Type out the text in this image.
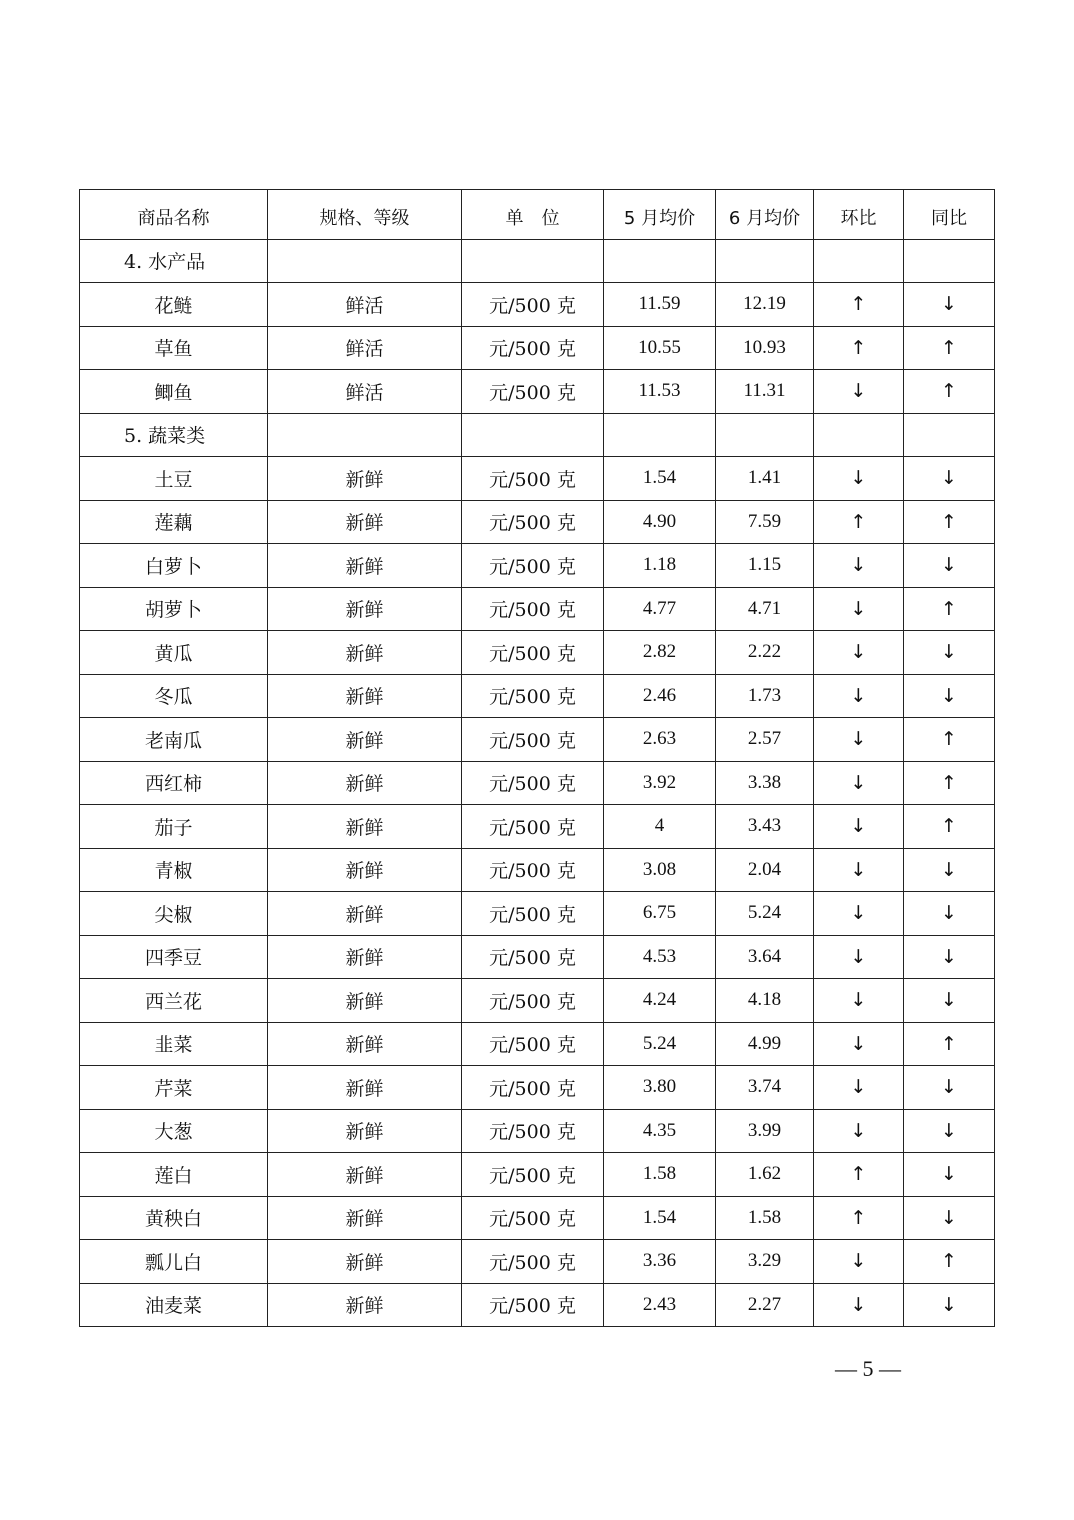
商品名称	规格、等级	单　位	5 月均价	6 月均价	环比	同比
4. 水产品						
花鲢	鲜活	元/500 克	11.59	12.19	↑	↓
草鱼	鲜活	元/500 克	10.55	10.93	↑	↑
鲫鱼	鲜活	元/500 克	11.53	11.31	↓	↑
5. 蔬菜类						
土豆	新鲜	元/500 克	1.54	1.41	↓	↓
莲藕	新鲜	元/500 克	4.90	7.59	↑	↑
白萝卜	新鲜	元/500 克	1.18	1.15	↓	↓
胡萝卜	新鲜	元/500 克	4.77	4.71	↓	↑
黄瓜	新鲜	元/500 克	2.82	2.22	↓	↓
冬瓜	新鲜	元/500 克	2.46	1.73	↓	↓
老南瓜	新鲜	元/500 克	2.63	2.57	↓	↑
西红柿	新鲜	元/500 克	3.92	3.38	↓	↑
茄子	新鲜	元/500 克	4	3.43	↓	↑
青椒	新鲜	元/500 克	3.08	2.04	↓	↓
尖椒	新鲜	元/500 克	6.75	5.24	↓	↓
四季豆	新鲜	元/500 克	4.53	3.64	↓	↓
西兰花	新鲜	元/500 克	4.24	4.18	↓	↓
韭菜	新鲜	元/500 克	5.24	4.99	↓	↑
芹菜	新鲜	元/500 克	3.80	3.74	↓	↓
大葱	新鲜	元/500 克	4.35	3.99	↓	↓
莲白	新鲜	元/500 克	1.58	1.62	↑	↓
黄秧白	新鲜	元/500 克	1.54	1.58	↑	↓
瓢儿白	新鲜	元/500 克	3.36	3.29	↓	↑
油麦菜	新鲜	元/500 克	2.43	2.27	↓	↓
— 5 —
